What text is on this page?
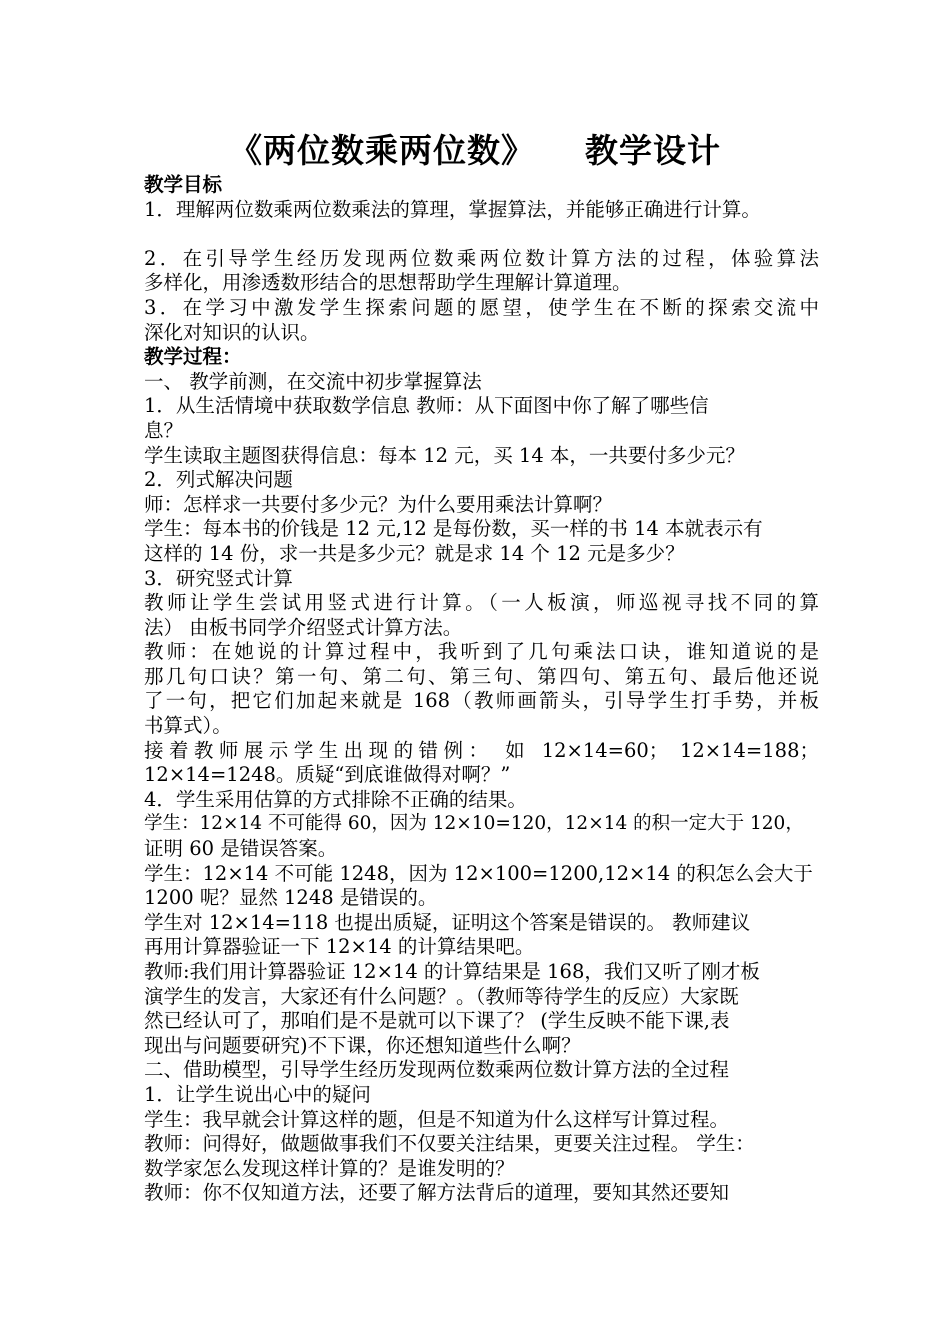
《两位数乘两位数》    教学设计
教学目标
1．理解两位数乘两位数乘法的算理，掌握算法，并能够正确进行计算。
2．在引导学生经历发现两位数乘两位数计算方法的过程，体验算法
多样化，用渗透数形结合的思想帮助学生理解计算道理。
3．在学习中激发学生探索问题的愿望，使学生在不断的探索交流中
深化对知识的认识。
教学过程：
一、 教学前测，在交流中初步掌握算法
1．从生活情境中获取数学信息 教师：从下面图中你了解了哪些信
息？
学生读取主题图获得信息：每本 12 元，买 14 本，一共要付多少元？
2．列式解决问题
师：怎样求一共要付多少元？为什么要用乘法计算啊？
学生：每本书的价钱是 12 元,12 是每份数，买一样的书 14 本就表示有
这样的 14 份，求一共是多少元？就是求 14 个 12 元是多少？
3．研究竖式计算
教师让学生尝试用竖式进行计算。（一人板演，师巡视寻找不同的算
法） 由板书同学介绍竖式计算方法。
教师：在她说的计算过程中，我听到了几句乘法口诀，谁知道说的是
那几句口诀？第一句、第二句、第三句、第四句、第五句、最后他还说
了一句，把它们加起来就是 168（教师画箭头，引导学生打手势，并板
书算式）。
接着教师展示学生出现的错例： 如 12×14=60； 12×14=188；
12×14=1248。质疑“到底谁做得对啊？”
4．学生采用估算的方式排除不正确的结果。
学生：12×14 不可能得 60，因为 12×10=120，12×14 的积一定大于 120，
证明 60 是错误答案。
学生：12×14 不可能 1248，因为 12×100=1200,12×14 的积怎么会大于
1200 呢？显然 1248 是错误的。
学生对 12×14=118 也提出质疑，证明这个答案是错误的。 教师建议
再用计算器验证一下 12×14 的计算结果吧。
教师:我们用计算器验证 12×14 的计算结果是 168，我们又听了刚才板
演学生的发言，大家还有什么问题？。（教师等待学生的反应）大家既
然已经认可了，那咱们是不是就可以下课了？ (学生反映不能下课,表
现出与问题要研究)不下课，你还想知道些什么啊？
二、借助模型，引导学生经历发现两位数乘两位数计算方法的全过程
1．让学生说出心中的疑问
学生：我早就会计算这样的题，但是不知道为什么这样写计算过程。
教师：问得好，做题做事我们不仅要关注结果，更要关注过程。 学生：
数学家怎么发现这样计算的？是谁发明的？
教师：你不仅知道方法，还要了解方法背后的道理，要知其然还要知
